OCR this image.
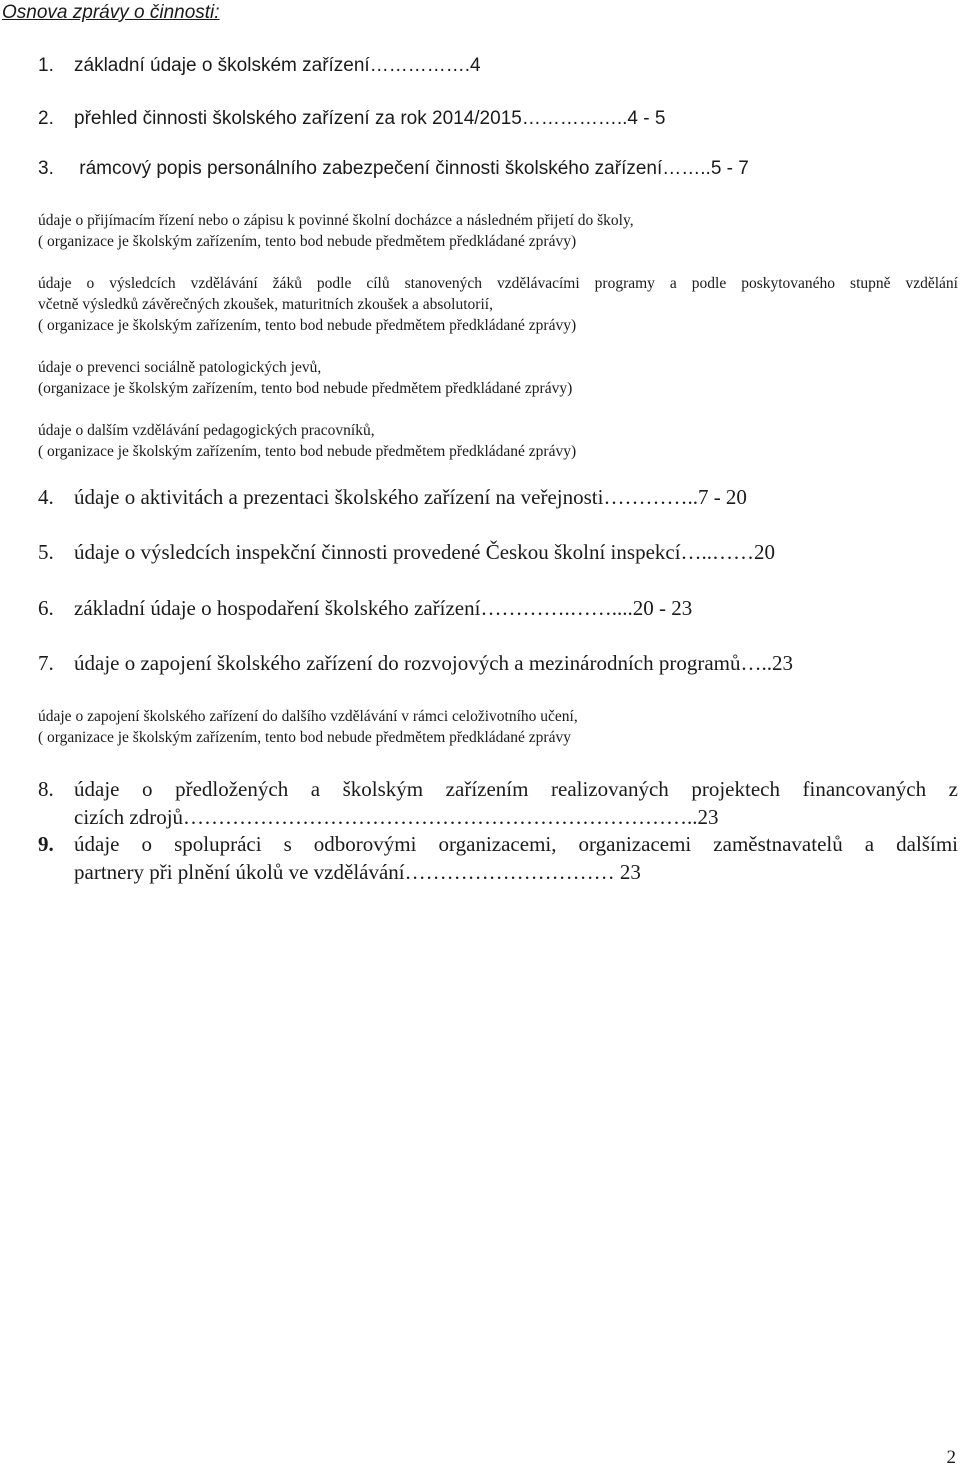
Osnova zprávy o činnosti:
1. základní údaje o školském zařízení…………….4
2. přehled činnosti školského zařízení za rok 2014/2015……………..4 - 5
3. rámcový popis personálního zabezpečení činnosti školského zařízení……..5 - 7
údaje o přijímacím řízení nebo o zápisu k povinné školní docházce a následném přijetí do školy,
( organizace je školským zařízením, tento bod nebude předmětem předkládané zprávy)
údaje o výsledcích vzdělávání žáků podle cílů stanovených vzdělávacími programy a podle poskytovaného stupně vzdělání
včetně výsledků závěrečných zkoušek, maturitních zkoušek a absolutorií,
( organizace je školským zařízením, tento bod nebude předmětem předkládané zprávy)
údaje o prevenci sociálně patologických jevů,
(organizace je školským zařízením, tento bod nebude předmětem předkládané zprávy)
údaje o dalším vzdělávání pedagogických pracovníků,
( organizace je školským zařízením, tento bod nebude předmětem předkládané zprávy)
4. údaje o aktivitách a prezentaci školského zařízení na veřejnosti…………..7 - 20
5. údaje o výsledcích inspekční činnosti provedené Českou školní inspekcí…..……20
6. základní údaje o hospodaření školského zařízení………….……....20 - 23
7. údaje o zapojení školského zařízení do rozvojových a mezinárodních programů…..23
údaje o zapojení školského zařízení do dalšího vzdělávání v rámci celoživotního učení,
( organizace je školským zařízením, tento bod nebude předmětem předkládané zprávy
8. údaje o předložených a školským zařízením realizovaných projektech financovaných z
cizích zdrojů………………………………………………………………..23
9. údaje o spolupráci s odborovými organizacemi, organizacemi zaměstnavatelů a dalšími
partnery při plnění úkolů ve vzdělávání………………………… 23
2
